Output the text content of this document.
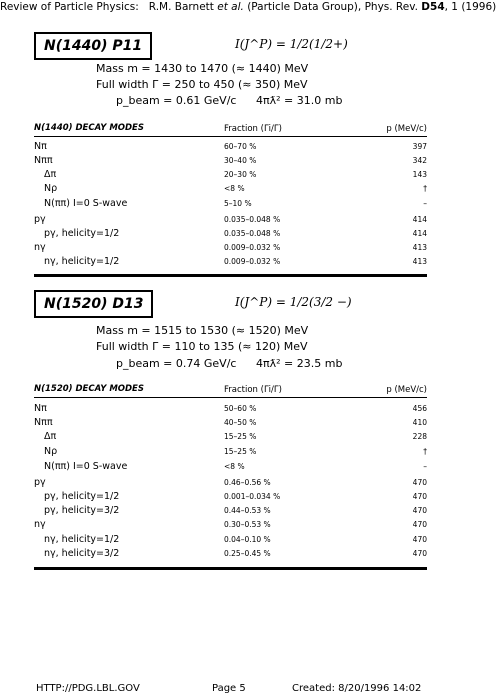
Review of Particle Physics: R.M. Barnett et al. (Particle Data Group), Phys. Rev. D54, 1 (1996)
N(1440) P11	I(J^P) = 1/2(1/2+)
Mass m = 1430 to 1470 (≈ 1440) MeV
Full width Γ = 250 to 450 (≈ 350) MeV
p_beam = 0.61 GeV/c 4πƛ² = 31.0 mb
N(1440) DECAY MODES	Fraction (Γi/Γ)	p (MeV/c)
Nπ	60–70 %	397
Nππ	30–40 %	342
Δπ	20–30 %	143
Nρ	<8 %	†
N(ππ) I=0 S-wave	5–10 %	–
pγ	0.035–0.048 %	414
pγ, helicity=1/2	0.035–0.048 %	414
nγ	0.009–0.032 %	413
nγ, helicity=1/2	0.009–0.032 %	413
N(1520) D13	I(J^P) = 1/2(3/2 −)
Mass m = 1515 to 1530 (≈ 1520) MeV
Full width Γ = 110 to 135 (≈ 120) MeV
p_beam = 0.74 GeV/c 4πƛ² = 23.5 mb
N(1520) DECAY MODES	Fraction (Γi/Γ)	p (MeV/c)
Nπ	50–60 %	456
Nππ	40–50 %	410
Δπ	15–25 %	228
Nρ	15–25 %	†
N(ππ) I=0 S-wave	<8 %	–
pγ	0.46–0.56 %	470
pγ, helicity=1/2	0.001–0.034 %	470
pγ, helicity=3/2	0.44–0.53 %	470
nγ	0.30–0.53 %	470
nγ, helicity=1/2	0.04–0.10 %	470
nγ, helicity=3/2	0.25–0.45 %	470
HTTP://PDG.LBL.GOV	Page 5	Created: 8/20/1996 14:02
